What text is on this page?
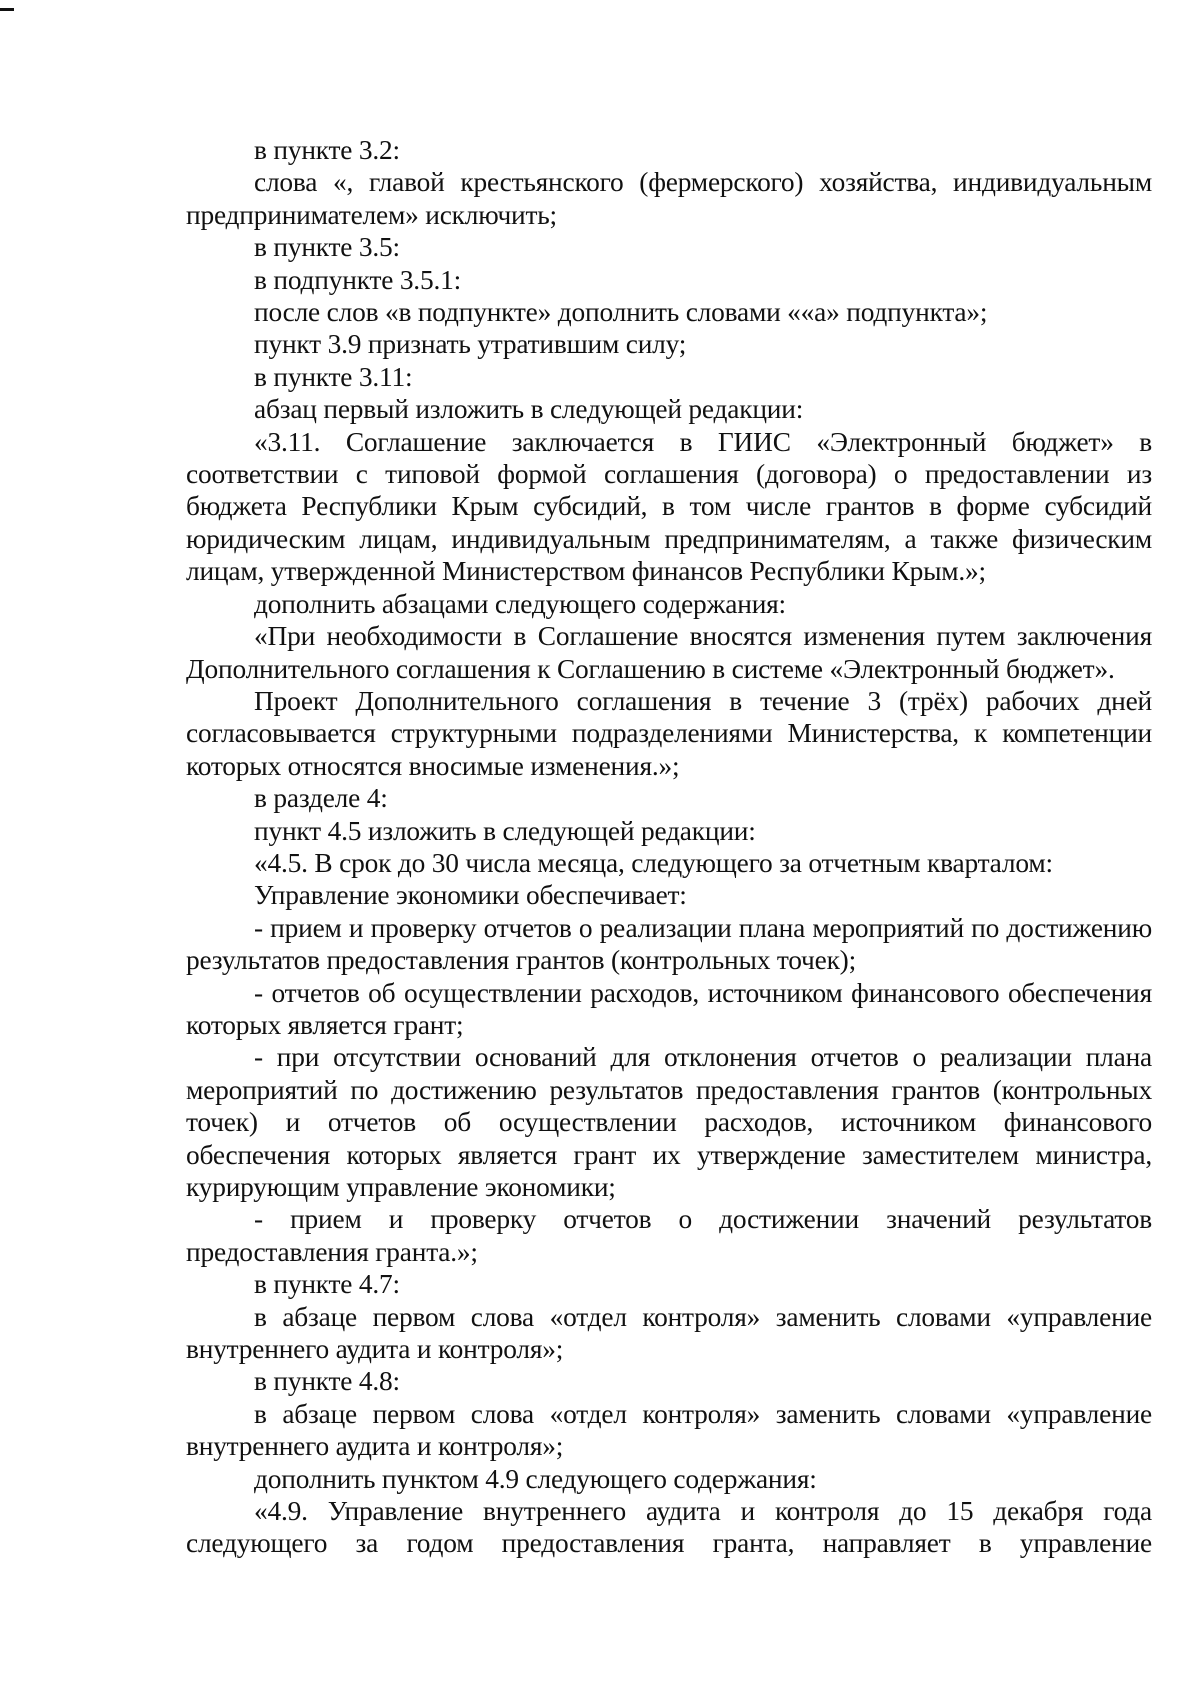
в пункте 3.2:

слова «, главой крестьянского (фермерского) хозяйства, индивидуальным предпринимателем» исключить;

в пункте 3.5:

в подпункте 3.5.1:

после слов «в подпункте» дополнить словами ««а» подпункта»;

пункт 3.9 признать утратившим силу;

в пункте 3.11:

абзац первый изложить в следующей редакции:

«3.11. Соглашение заключается в ГИИС «Электронный бюджет» в соответствии с типовой формой соглашения (договора) о предоставлении из бюджета Республики Крым субсидий, в том числе грантов в форме субсидий юридическим лицам, индивидуальным предпринимателям, а также физическим лицам, утвержденной Министерством финансов Республики Крым.»;

дополнить абзацами следующего содержания:

«При необходимости в Соглашение вносятся изменения путем заключения Дополнительного соглашения к Соглашению в системе «Электронный бюджет».

Проект Дополнительного соглашения в течение 3 (трёх) рабочих дней согласовывается структурными подразделениями Министерства, к компетенции которых относятся вносимые изменения.»;

в разделе 4:

пункт 4.5 изложить в следующей редакции:

«4.5. В срок до 30 числа месяца, следующего за отчетным кварталом:

Управление экономики обеспечивает:

- прием и проверку отчетов о реализации плана мероприятий по достижению результатов предоставления грантов (контрольных точек);

- отчетов об осуществлении расходов, источником финансового обеспечения которых является грант;

- при отсутствии оснований для отклонения отчетов о реализации плана мероприятий по достижению результатов предоставления грантов (контрольных точек) и отчетов об осуществлении расходов, источником финансового обеспечения которых является грант их утверждение заместителем министра, курирующим управление экономики;

- прием и проверку отчетов о достижении значений результатов предоставления гранта.»;

в пункте 4.7:

в абзаце первом слова «отдел контроля» заменить словами «управление внутреннего аудита и контроля»;

в пункте 4.8:

в абзаце первом слова «отдел контроля» заменить словами «управление внутреннего аудита и контроля»;

дополнить пунктом 4.9 следующего содержания:

«4.9. Управление внутреннего аудита и контроля до 15 декабря года следующего за годом предоставления гранта, направляет в управление
